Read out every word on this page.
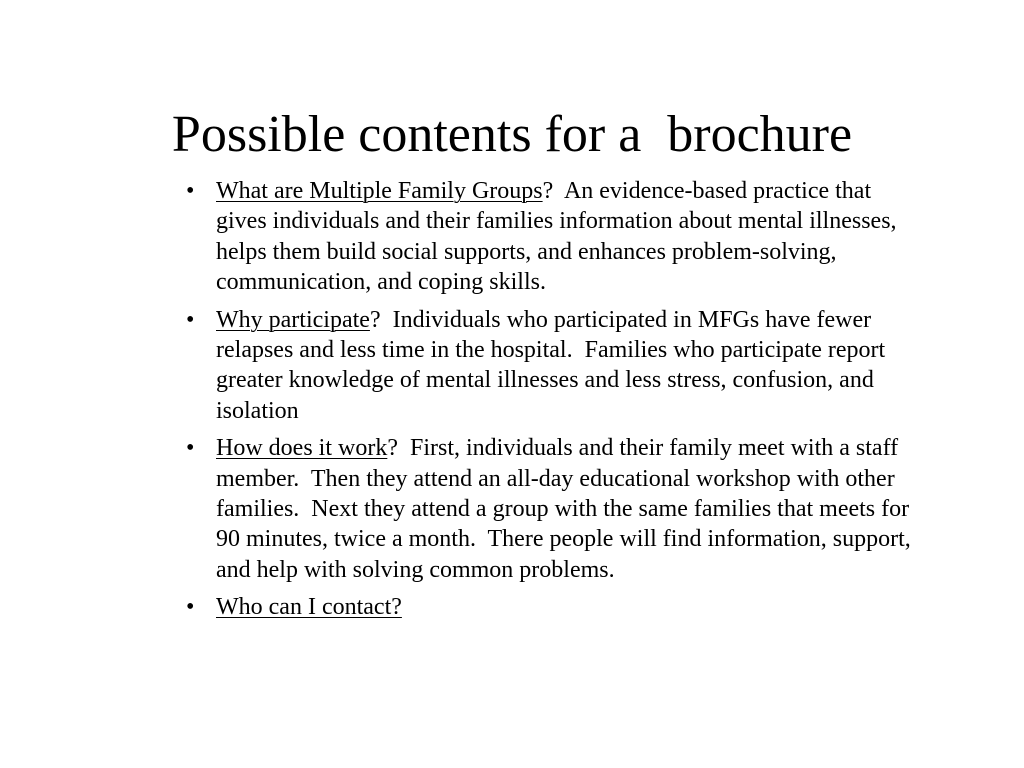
Possible contents for a  brochure
• What are Multiple Family Groups?  An evidence-based practice that gives individuals and their families information about mental illnesses, helps them build social supports, and enhances problem-solving, communication, and coping skills.
• Why participate?  Individuals who participated in MFGs have fewer relapses and less time in the hospital.  Families who participate report greater knowledge of mental illnesses and less stress, confusion, and isolation
• How does it work?  First, individuals and their family meet with a staff member.  Then they attend an all-day educational workshop with other families.  Next they attend a group with the same families that meets for 90 minutes, twice a month.  There people will find information, support, and help with solving common problems.
• Who can I contact?
